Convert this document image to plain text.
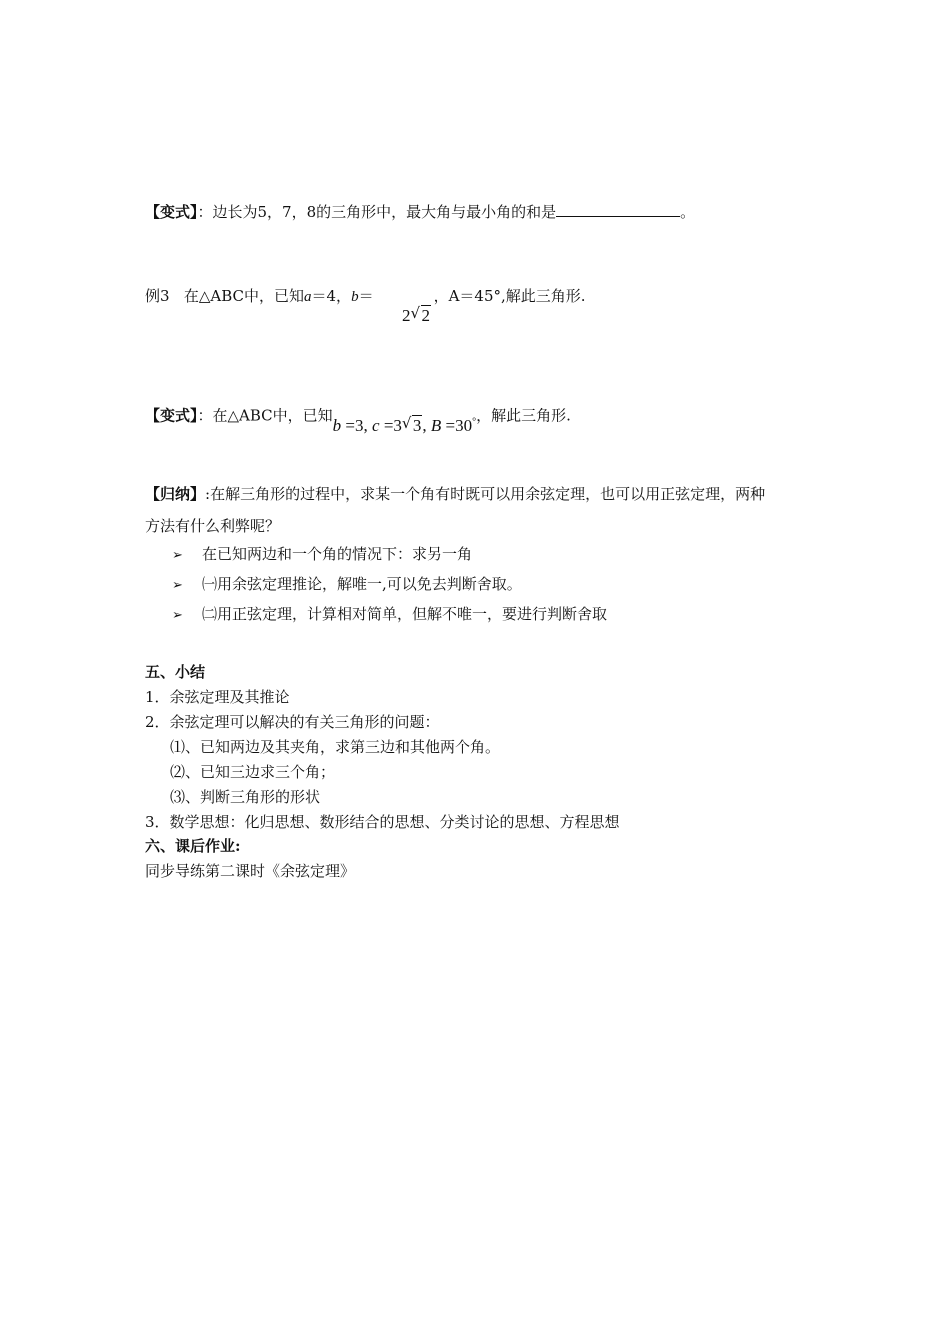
【变式】：边长为5，7，8的三角形中，最大角与最小角的和是	。
例3 在△ABC中，已知a＝4，b＝	，A＝45°,解此三角形.
2 √ 2
【变式】：在△ABC中，已知b =3, c =3 √ 3, B =30°，解此三角形.
【归纳】:在解三角形的过程中，求某一个角有时既可以用余弦定理，也可以用正弦定理，两种
方法有什么利弊呢？
➢ 在已知两边和一个角的情况下：求另一角
➢ ㈠用余弦定理推论，解唯一,可以免去判断舍取。
➢ ㈡用正弦定理，计算相对简单，但解不唯一，要进行判断舍取
五、小结
1．余弦定理及其推论
2．余弦定理可以解决的有关三角形的问题：
⑴、已知两边及其夹角，求第三边和其他两个角。
⑵、已知三边求三个角；
⑶、判断三角形的形状
3．数学思想：化归思想、数形结合的思想、分类讨论的思想、方程思想
六、课后作业:
同步导练第二课时《余弦定理》
